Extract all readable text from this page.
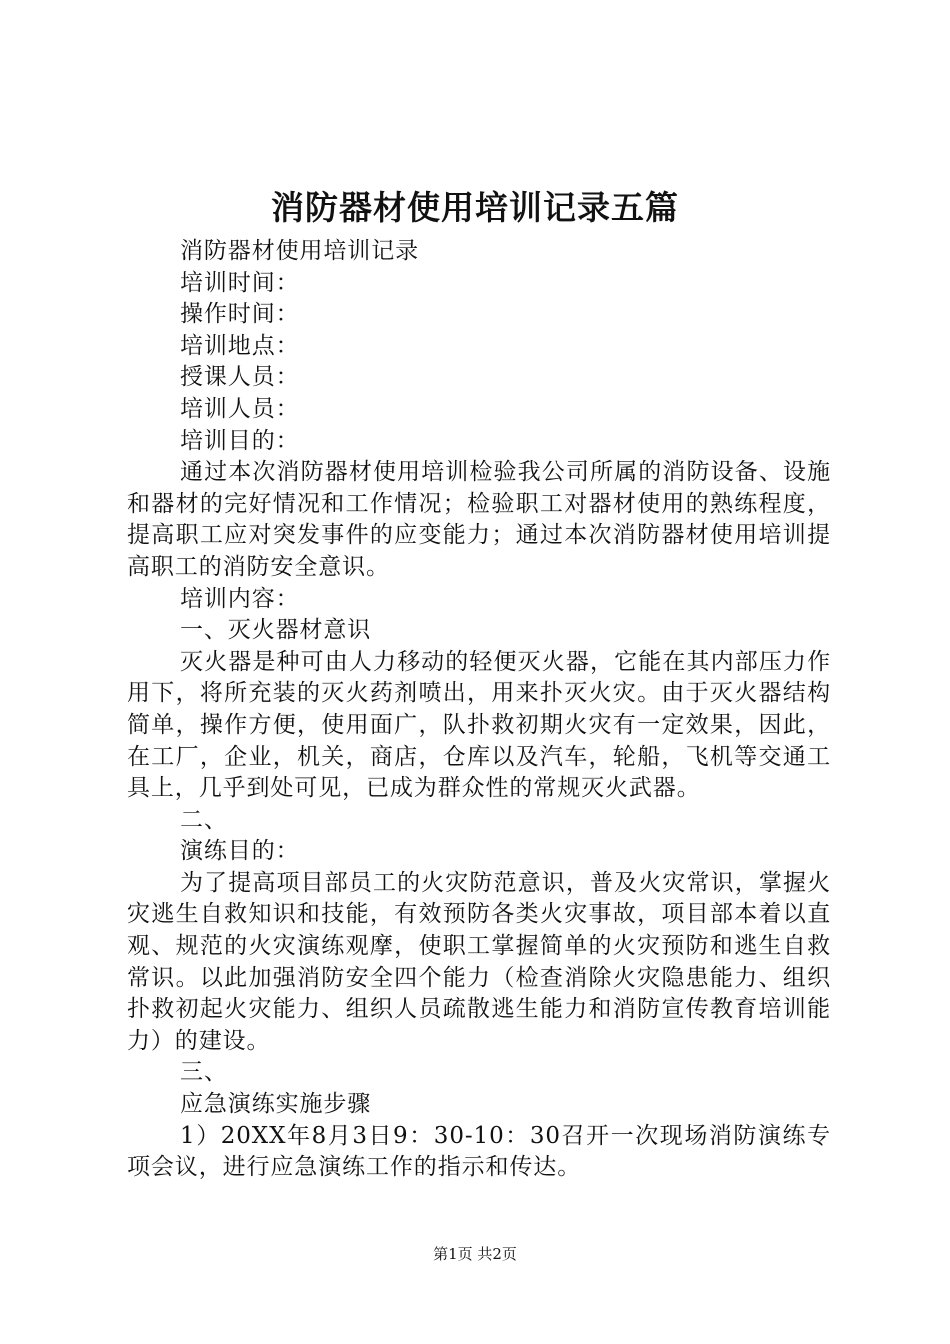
消防器材使用培训记录五篇

消防器材使用培训记录

培训时间：

操作时间：

培训地点：

授课人员：

培训人员：

培训目的：

通过本次消防器材使用培训检验我公司所属的消防设备、设施和器材的完好情况和工作情况；检验职工对器材使用的熟练程度，提高职工应对突发事件的应变能力；通过本次消防器材使用培训提高职工的消防安全意识。

培训内容：

一、灭火器材意识

灭火器是种可由人力移动的轻便灭火器，它能在其内部压力作用下，将所充装的灭火药剂喷出，用来扑灭火灾。由于灭火器结构简单，操作方便，使用面广，队扑救初期火灾有一定效果，因此，在工厂，企业，机关，商店，仓库以及汽车，轮船，飞机等交通工具上，几乎到处可见，已成为群众性的常规灭火武器。

二、

演练目的：

为了提高项目部员工的火灾防范意识，普及火灾常识，掌握火灾逃生自救知识和技能，有效预防各类火灾事故，项目部本着以直观、规范的火灾演练观摩，使职工掌握简单的火灾预防和逃生自救常识。以此加强消防安全四个能力（检查消除火灾隐患能力、组织扑救初起火灾能力、组织人员疏散逃生能力和消防宣传教育培训能力）的建设。

三、

应急演练实施步骤

1）20XX年8月3日9：30-10：30召开一次现场消防演练专项会议，进行应急演练工作的指示和传达。

第1页 共2页
